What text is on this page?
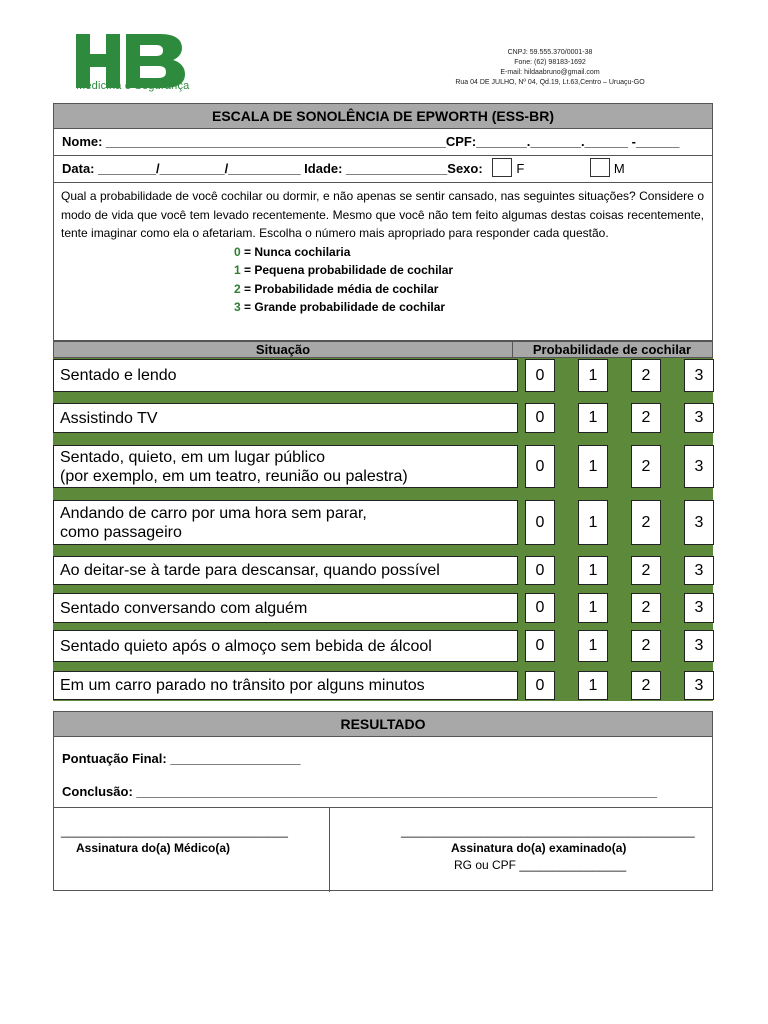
Medicina e Segurança
CNPJ: 59.555.370/0001-38
Fone: (62) 98183-1692
E-mail: hildaabruno@gmail.com
Rua 04 DE JULHO, Nº 04, Qd.19, Lt.63,Centro – Uruaçu-GO
ESCALA DE SONOLÊNCIA DE EPWORTH (ESS-BR)
Nome: _______________________________________________CPF:_______._______.______ -______
Data: ________/_________/__________ Idade: ______________Sexo:	F	M
Qual a probabilidade de você cochilar ou dormir, e não apenas se sentir cansado, nas seguintes situações? Considere o modo de vida que você tem levado recentemente. Mesmo que você não tem feito algumas destas coisas recentemente, tente imaginar como ela o afetariam. Escolha o número mais apropriado para responder cada questão.
0 = Nunca cochilaria
1 = Pequena probabilidade de cochilar
2 = Probabilidade média de cochilar
3 = Grande probabilidade de cochilar
Situação	Probabilidade de cochilar
Sentado e lendo	0	1	2	3
Assistindo TV	0	1	2	3
Sentado, quieto, em um lugar público
(por exemplo, em um teatro, reunião ou palestra)
0	1	2	3
Andando de carro por uma hora sem parar,
como passageiro
0	1	2	3
Ao deitar-se à tarde para descansar, quando possível	0	1	2	3
Sentado conversando com alguém	0	1	2	3
Sentado quieto após o almoço sem bebida de álcool	0	1	2	3
Em um carro parado no trânsito por alguns minutos	0	1	2	3
RESULTADO
Pontuação Final: __________________
Conclusão: ________________________________________________________________________
__________________________________
Assinatura do(a) Médico(a)
____________________________________________
Assinatura do(a) examinado(a)
RG ou CPF ________________
